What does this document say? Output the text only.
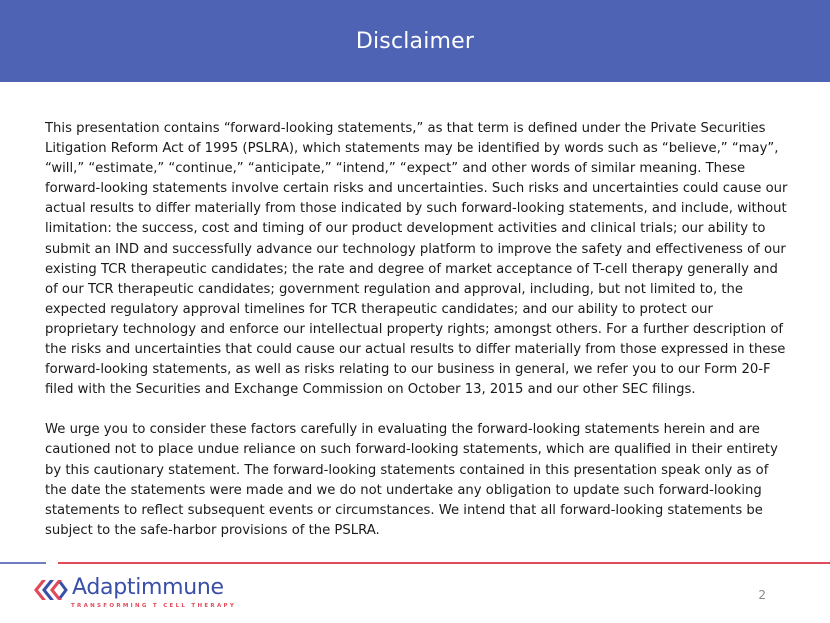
Disclaimer

This presentation contains “forward-looking statements,” as that term is defined under the Private Securities Litigation Reform Act of 1995 (PSLRA), which statements may be identified by words such as “believe,” “may”, “will,” “estimate,” “continue,” “anticipate,” “intend,” “expect” and other words of similar meaning. These forward-looking statements involve certain risks and uncertainties. Such risks and uncertainties could cause our actual results to differ materially from those indicated by such forward-looking statements, and include, without limitation: the success, cost and timing of our product development activities and clinical trials; our ability to submit an IND and successfully advance our technology platform to improve the safety and effectiveness of our existing TCR therapeutic candidates; the rate and degree of market acceptance of T-cell therapy generally and of our TCR therapeutic candidates; government regulation and approval, including, but not limited to, the expected regulatory approval timelines for TCR therapeutic candidates; and our ability to protect our proprietary technology and enforce our intellectual property rights; amongst others. For a further description of the risks and uncertainties that could cause our actual results to differ materially from those expressed in these forward-looking statements, as well as risks relating to our business in general, we refer you to our Form 20-F filed with the Securities and Exchange Commission on October 13, 2015 and our other SEC filings.

We urge you to consider these factors carefully in evaluating the forward-looking statements herein and are cautioned not to place undue reliance on such forward-looking statements, which are qualified in their entirety by this cautionary statement. The forward-looking statements contained in this presentation speak only as of the date the statements were made and we do not undertake any obligation to update such forward-looking statements to reflect subsequent events or circumstances. We intend that all forward-looking statements be subject to the safe-harbor provisions of the PSLRA.

Adaptimmune
TRANSFORMING T CELL THERAPY
2
